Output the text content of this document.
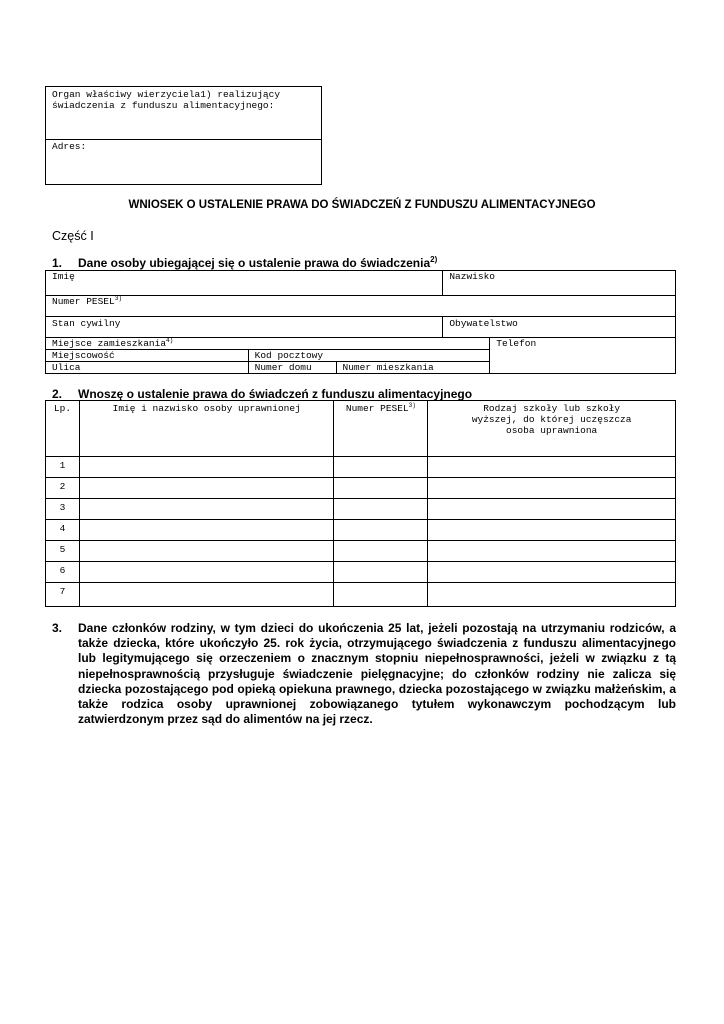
Organ właściwy wierzyciela1) realizujący świadczenia z funduszu alimentacyjnego:
Adres:
WNIOSEK O USTALENIE PRAWA DO ŚWIADCZEŃ Z FUNDUSZU ALIMENTACYJNEGO
Część I
1. Dane osoby ubiegającej się o ustalenie prawa do świadczenia$^{2)}$
Imię			Nazwisko	
Numer PESEL$^{3)}$
Stan cywilny			Obywatelstwo	
Miejsce zamieszkania$^{4)}$				Telefon
Miejscowość	Kod pocztowy			
Ulica	Numer domu	Numer mieszkania		
2. Wnoszę o ustalenie prawa do świadczeń z funduszu alimentacyjnego
Lp.	Imię i nazwisko osoby uprawnionej	Numer PESEL$^{3)}$	Rodzaj szkoły lub szkoły wyższej, do której uczęszcza osoba uprawniona
1			
2			
3			
4			
5			
6			
7			
3.	Dane członków rodziny, w tym dzieci do ukończenia 25 lat, jeżeli pozostają na utrzymaniu rodziców, a także dziecka, które ukończyło 25. rok życia, otrzymującego świadczenia z funduszu alimentacyjnego lub legitymującego się orzeczeniem o znacznym stopniu niepełnosprawności, jeżeli w związku z tą niepełnosprawnością przysługuje świadczenie pielęgnacyjne; do członków rodziny nie zalicza się dziecka pozostającego pod opieką opiekuna prawnego, dziecka pozostającego w związku małżeńskim, a także rodzica osoby uprawnionej zobowiązanego tytułem wykonawczym pochodzącym lub zatwierdzonym przez sąd do alimentów na jej rzecz.
